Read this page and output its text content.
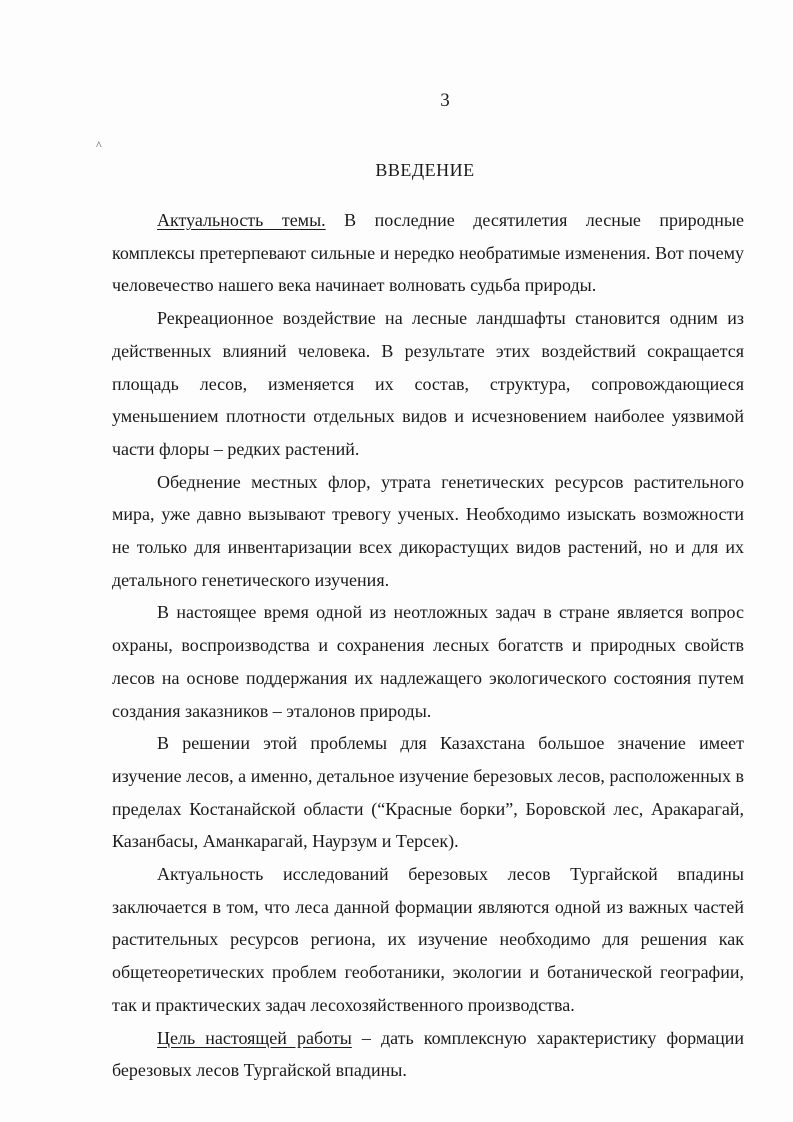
3
^
ВВЕДЕНИЕ

Актуальность темы. В последние десятилетия лесные природные комплексы претерпевают сильные и нередко необратимые изменения. Вот почему человечество нашего века начинает волновать судьба природы.

Рекреационное воздействие на лесные ландшафты становится одним из действенных влияний человека. В результате этих воздействий сокращается площадь лесов, изменяется их состав, структура, сопровождающиеся уменьшением плотности отдельных видов и исчезновением наиболее уязвимой части флоры – редких растений.

Обеднение местных флор, утрата генетических ресурсов растительного мира, уже давно вызывают тревогу ученых. Необходимо изыскать возможности не только для инвентаризации всех дикорастущих видов растений, но и для их детального генетического изучения.

В настоящее время одной из неотложных задач в стране является вопрос охраны, воспроизводства и сохранения лесных богатств и природных свойств лесов на основе поддержания их надлежащего экологического состояния путем создания заказников – эталонов природы.

В решении этой проблемы для Казахстана большое значение имеет изучение лесов, а именно, детальное изучение березовых лесов, расположенных в пределах Костанайской области (“Красные борки”, Боровской лес, Аракарагай, Казанбасы, Аманкарагай, Наурзум и Терсек).

Актуальность исследований березовых лесов Тургайской впадины заключается в том, что леса данной формации являются одной из важных частей растительных ресурсов региона, их изучение необходимо для решения как общетеоретических проблем геоботаники, экологии и ботанической географии, так и практических задач лесохозяйственного производства.

Цель настоящей работы – дать комплексную характеристику формации березовых лесов Тургайской впадины.
